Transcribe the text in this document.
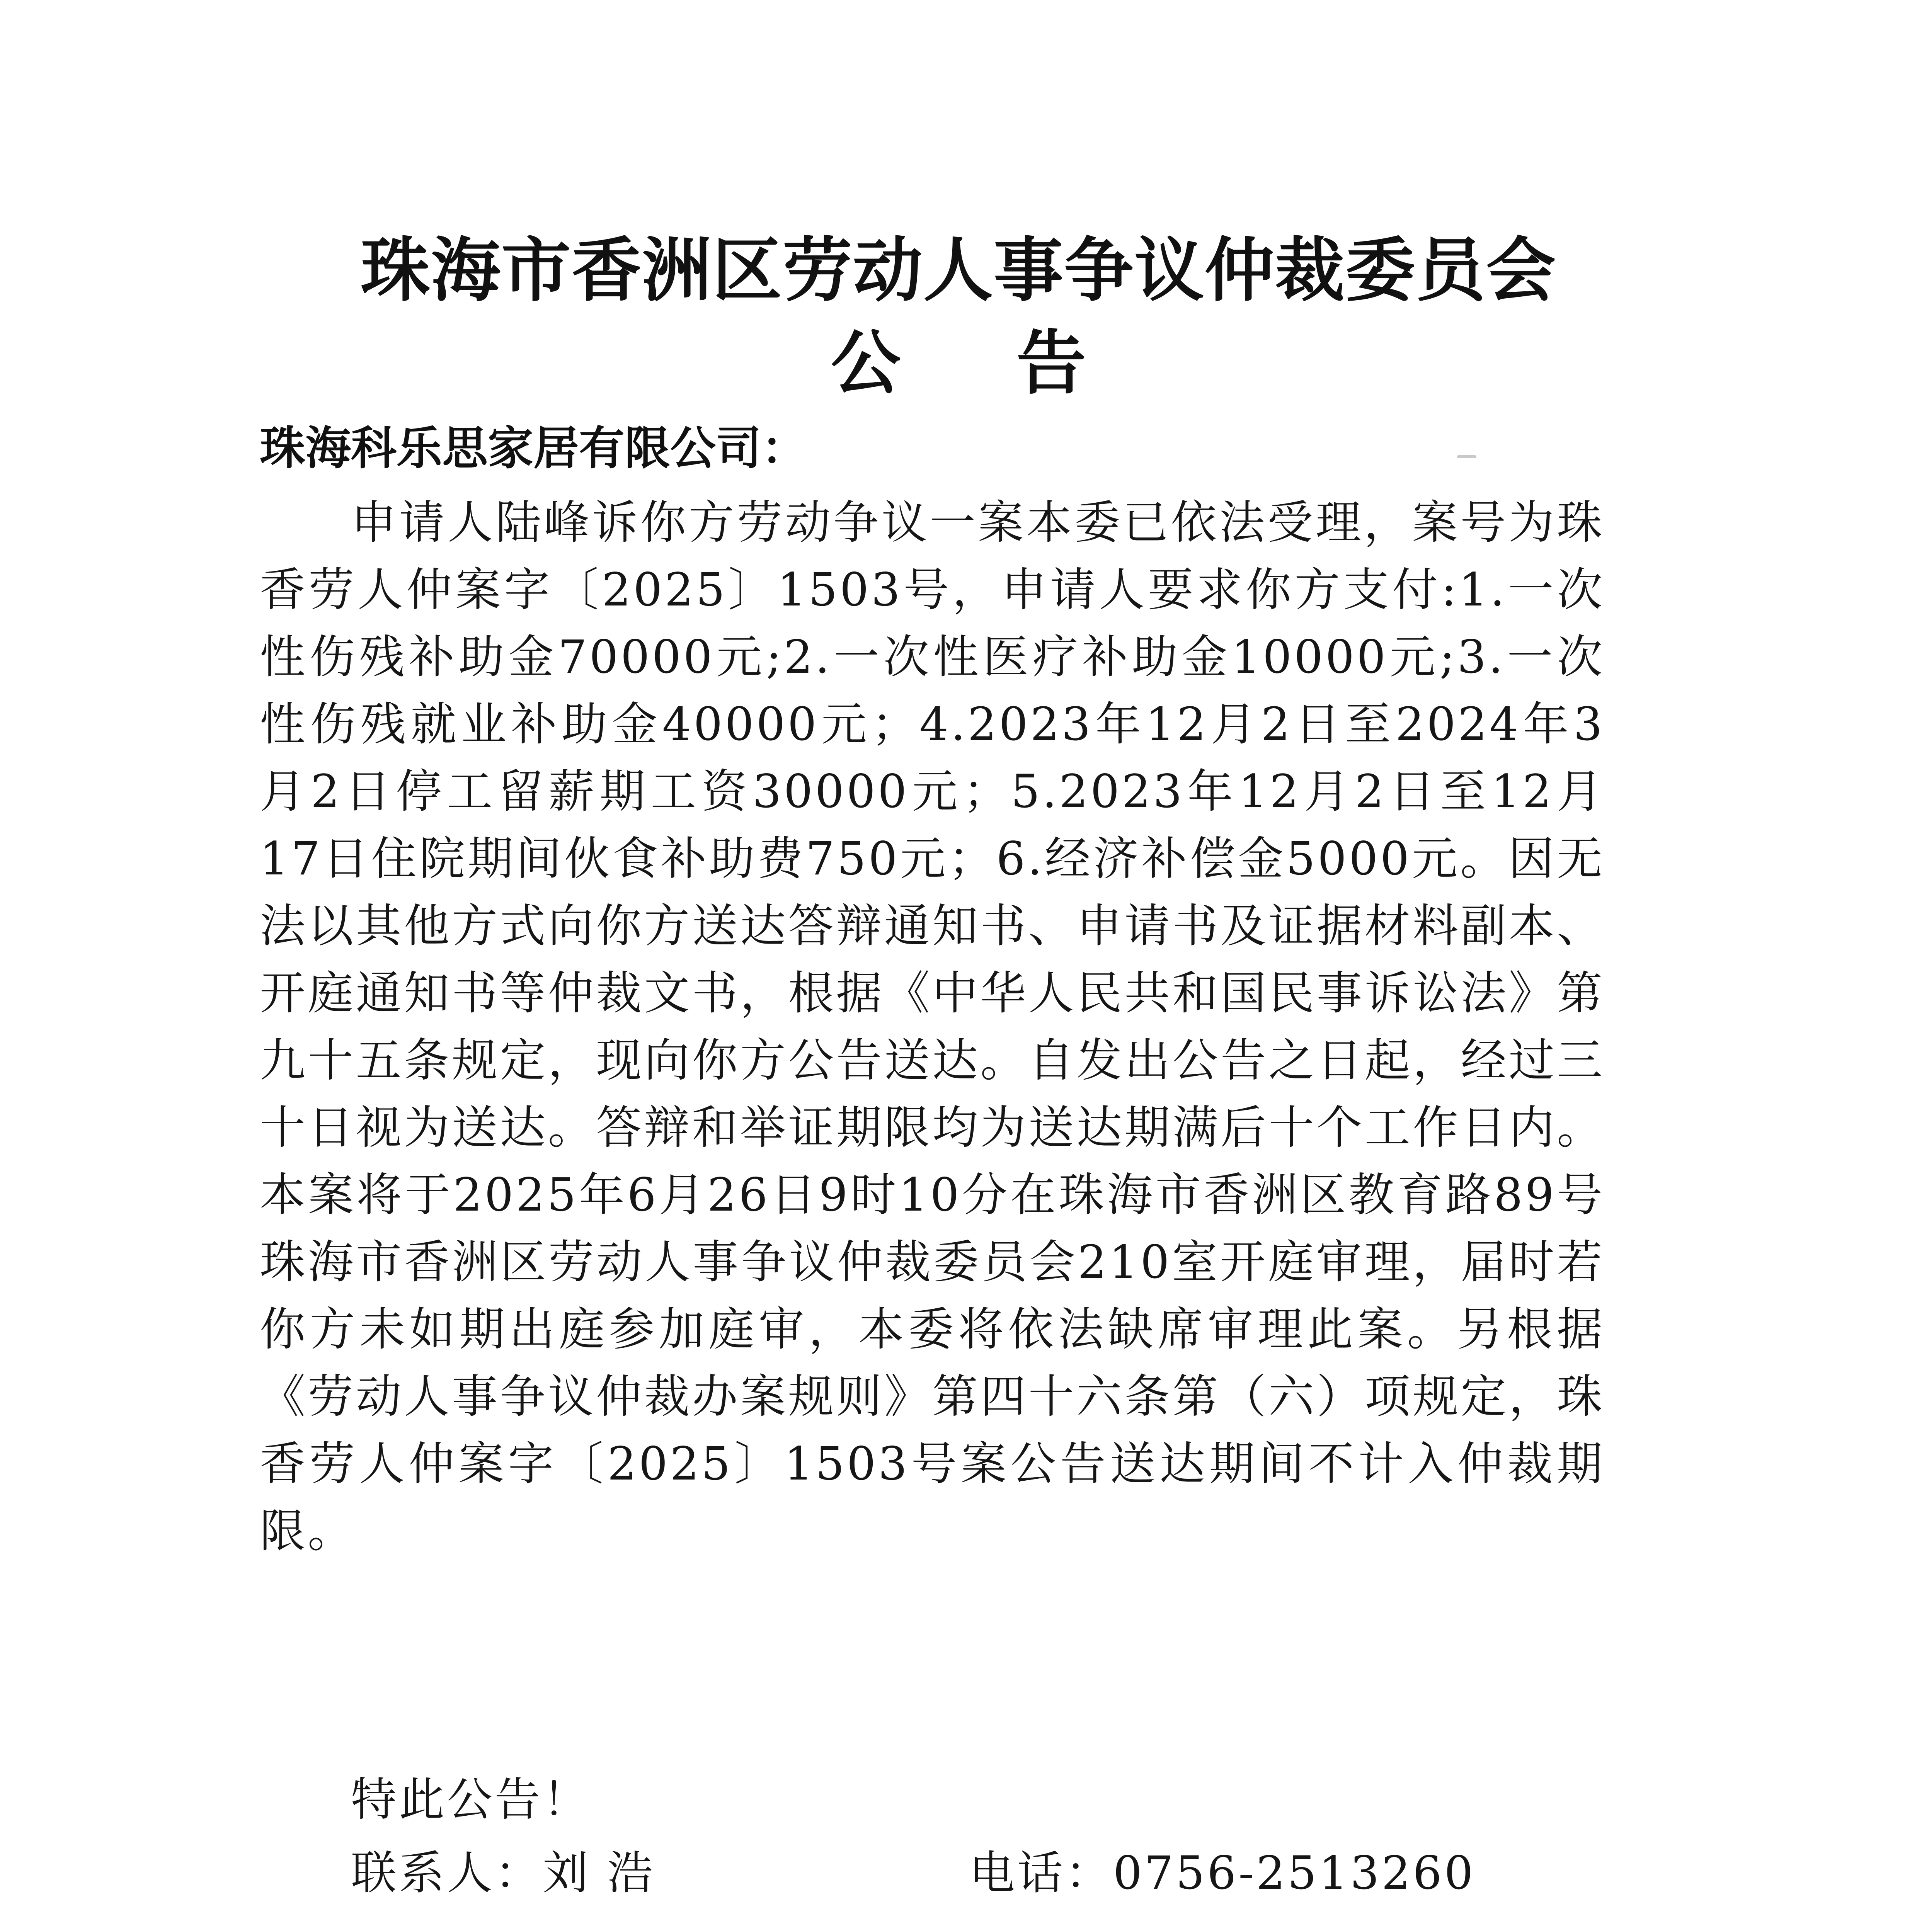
珠海市香洲区劳动人事争议仲裁委员会
公告

珠海科乐思家居有限公司：

申请人陆峰诉你方劳动争议一案本委已依法受理，案号为珠香劳人仲案字〔2025〕1503号，申请人要求你方支付:1.一次性伤残补助金70000元;2.一次性医疗补助金10000元;3.一次性伤残就业补助金40000元；4.2023年12月2日至2024年3月2日停工留薪期工资30000元；5.2023年12月2日至12月17日住院期间伙食补助费750元；6.经济补偿金5000元。因无法以其他方式向你方送达答辩通知书、申请书及证据材料副本、开庭通知书等仲裁文书，根据《中华人民共和国民事诉讼法》第九十五条规定，现向你方公告送达。自发出公告之日起，经过三十日视为送达。答辩和举证期限均为送达期满后十个工作日内。本案将于2025年6月26日9时10分在珠海市香洲区教育路89号珠海市香洲区劳动人事争议仲裁委员会210室开庭审理，届时若你方未如期出庭参加庭审，本委将依法缺席审理此案。另根据《劳动人事争议仲裁办案规则》第四十六条第（六）项规定，珠香劳人仲案字〔2025〕1503号案公告送达期间不计入仲裁期限。

特此公告！

联系人：刘 浩	电话：0756-2513260
